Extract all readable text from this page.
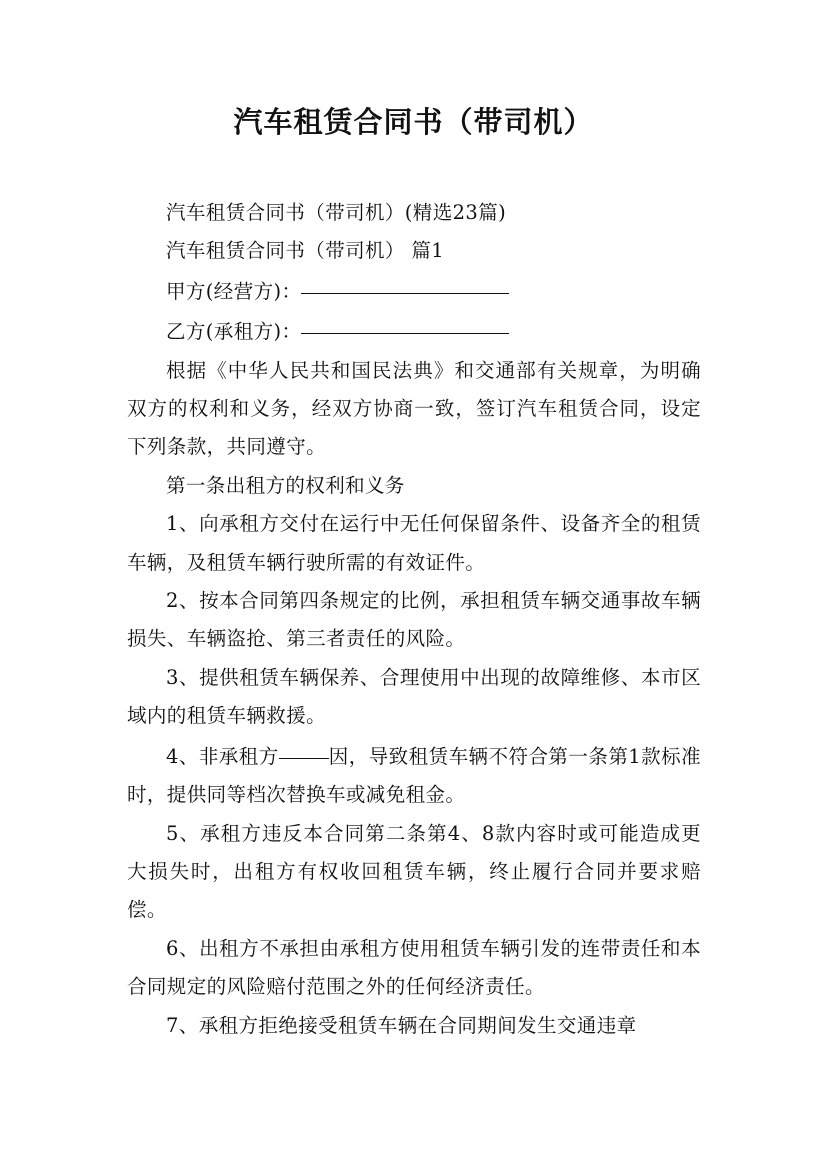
汽车租赁合同书（带司机）

汽车租赁合同书（带司机）(精选23篇)

汽车租赁合同书（带司机） 篇1

甲方(经营方)：

乙方(承租方)：

根据《中华人民共和国民法典》和交通部有关规章，为明确双方的权利和义务，经双方协商一致，签订汽车租赁合同，设定下列条款，共同遵守。

第一条出租方的权利和义务

1、向承租方交付在运行中无任何保留条件、设备齐全的租赁车辆，及租赁车辆行驶所需的有效证件。

2、按本合同第四条规定的比例，承担租赁车辆交通事故车辆损失、车辆盗抢、第三者责任的风险。

3、提供租赁车辆保养、合理使用中出现的故障维修、本市区域内的租赁车辆救援。

4、非承租方	因，导致租赁车辆不符合第一条第1款标准时，提供同等档次替换车或减免租金。

5、承租方违反本合同第二条第4、8款内容时或可能造成更大损失时，出租方有权收回租赁车辆，终止履行合同并要求赔偿。

6、出租方不承担由承租方使用租赁车辆引发的连带责任和本合同规定的风险赔付范围之外的任何经济责任。

7、承租方拒绝接受租赁车辆在合同期间发生交通违章
